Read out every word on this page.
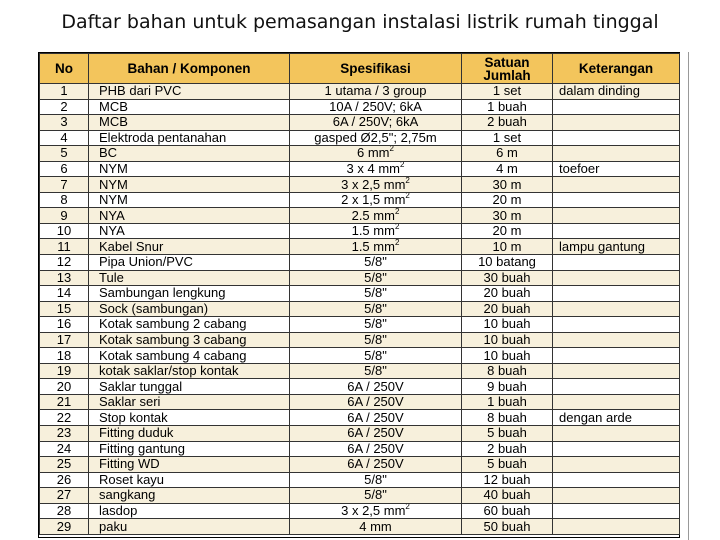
Daftar bahan untuk pemasangan instalasi listrik rumah tinggal
No	Bahan / Komponen	Spesifikasi	Satuan Jumlah	Keterangan
1	PHB dari PVC	1 utama / 3 group	1 set	dalam dinding
2	MCB	10A / 250V; 6kA	1 buah	
3	MCB	6A / 250V; 6kA	2 buah	
4	Elektroda pentanahan	gasped Ø2,5"; 2,75m	1 set	
5	BC	6 $mm^2$	6 m	
6	NYM	3 x 4 $mm^2$	4 m	toefoer
7	NYM	3 x 2,5 $mm^2$	30 m	
8	NYM	2 x 1,5 $mm^2$	20 m	
9	NYA	2.5 $mm^2$	30 m	
10	NYA	1.5 $mm^2$	20 m	
11	Kabel Snur	1.5 $mm^2$	10 m	lampu gantung
12	Pipa Union/PVC	5/8"	10 batang	
13	Tule	5/8"	30 buah	
14	Sambungan lengkung	5/8"	20 buah	
15	Sock (sambungan)	5/8"	20 buah	
16	Kotak sambung 2 cabang	5/8"	10 buah	
17	Kotak sambung 3 cabang	5/8"	10 buah	
18	Kotak sambung 4 cabang	5/8"	10 buah	
19	kotak saklar/stop kontak	5/8"	8 buah	
20	Saklar tunggal	6A / 250V	9 buah	
21	Saklar seri	6A / 250V	1 buah	
22	Stop kontak	6A / 250V	8 buah	dengan arde
23	Fitting duduk	6A / 250V	5 buah	
24	Fitting gantung	6A / 250V	2 buah	
25	Fitting WD	6A / 250V	5 buah	
26	Roset kayu	5/8"	12 buah	
27	sangkang	5/8"	40 buah	
28	lasdop	3 x 2,5 $mm^2$	60 buah	
29	paku	4 mm	50 buah	
